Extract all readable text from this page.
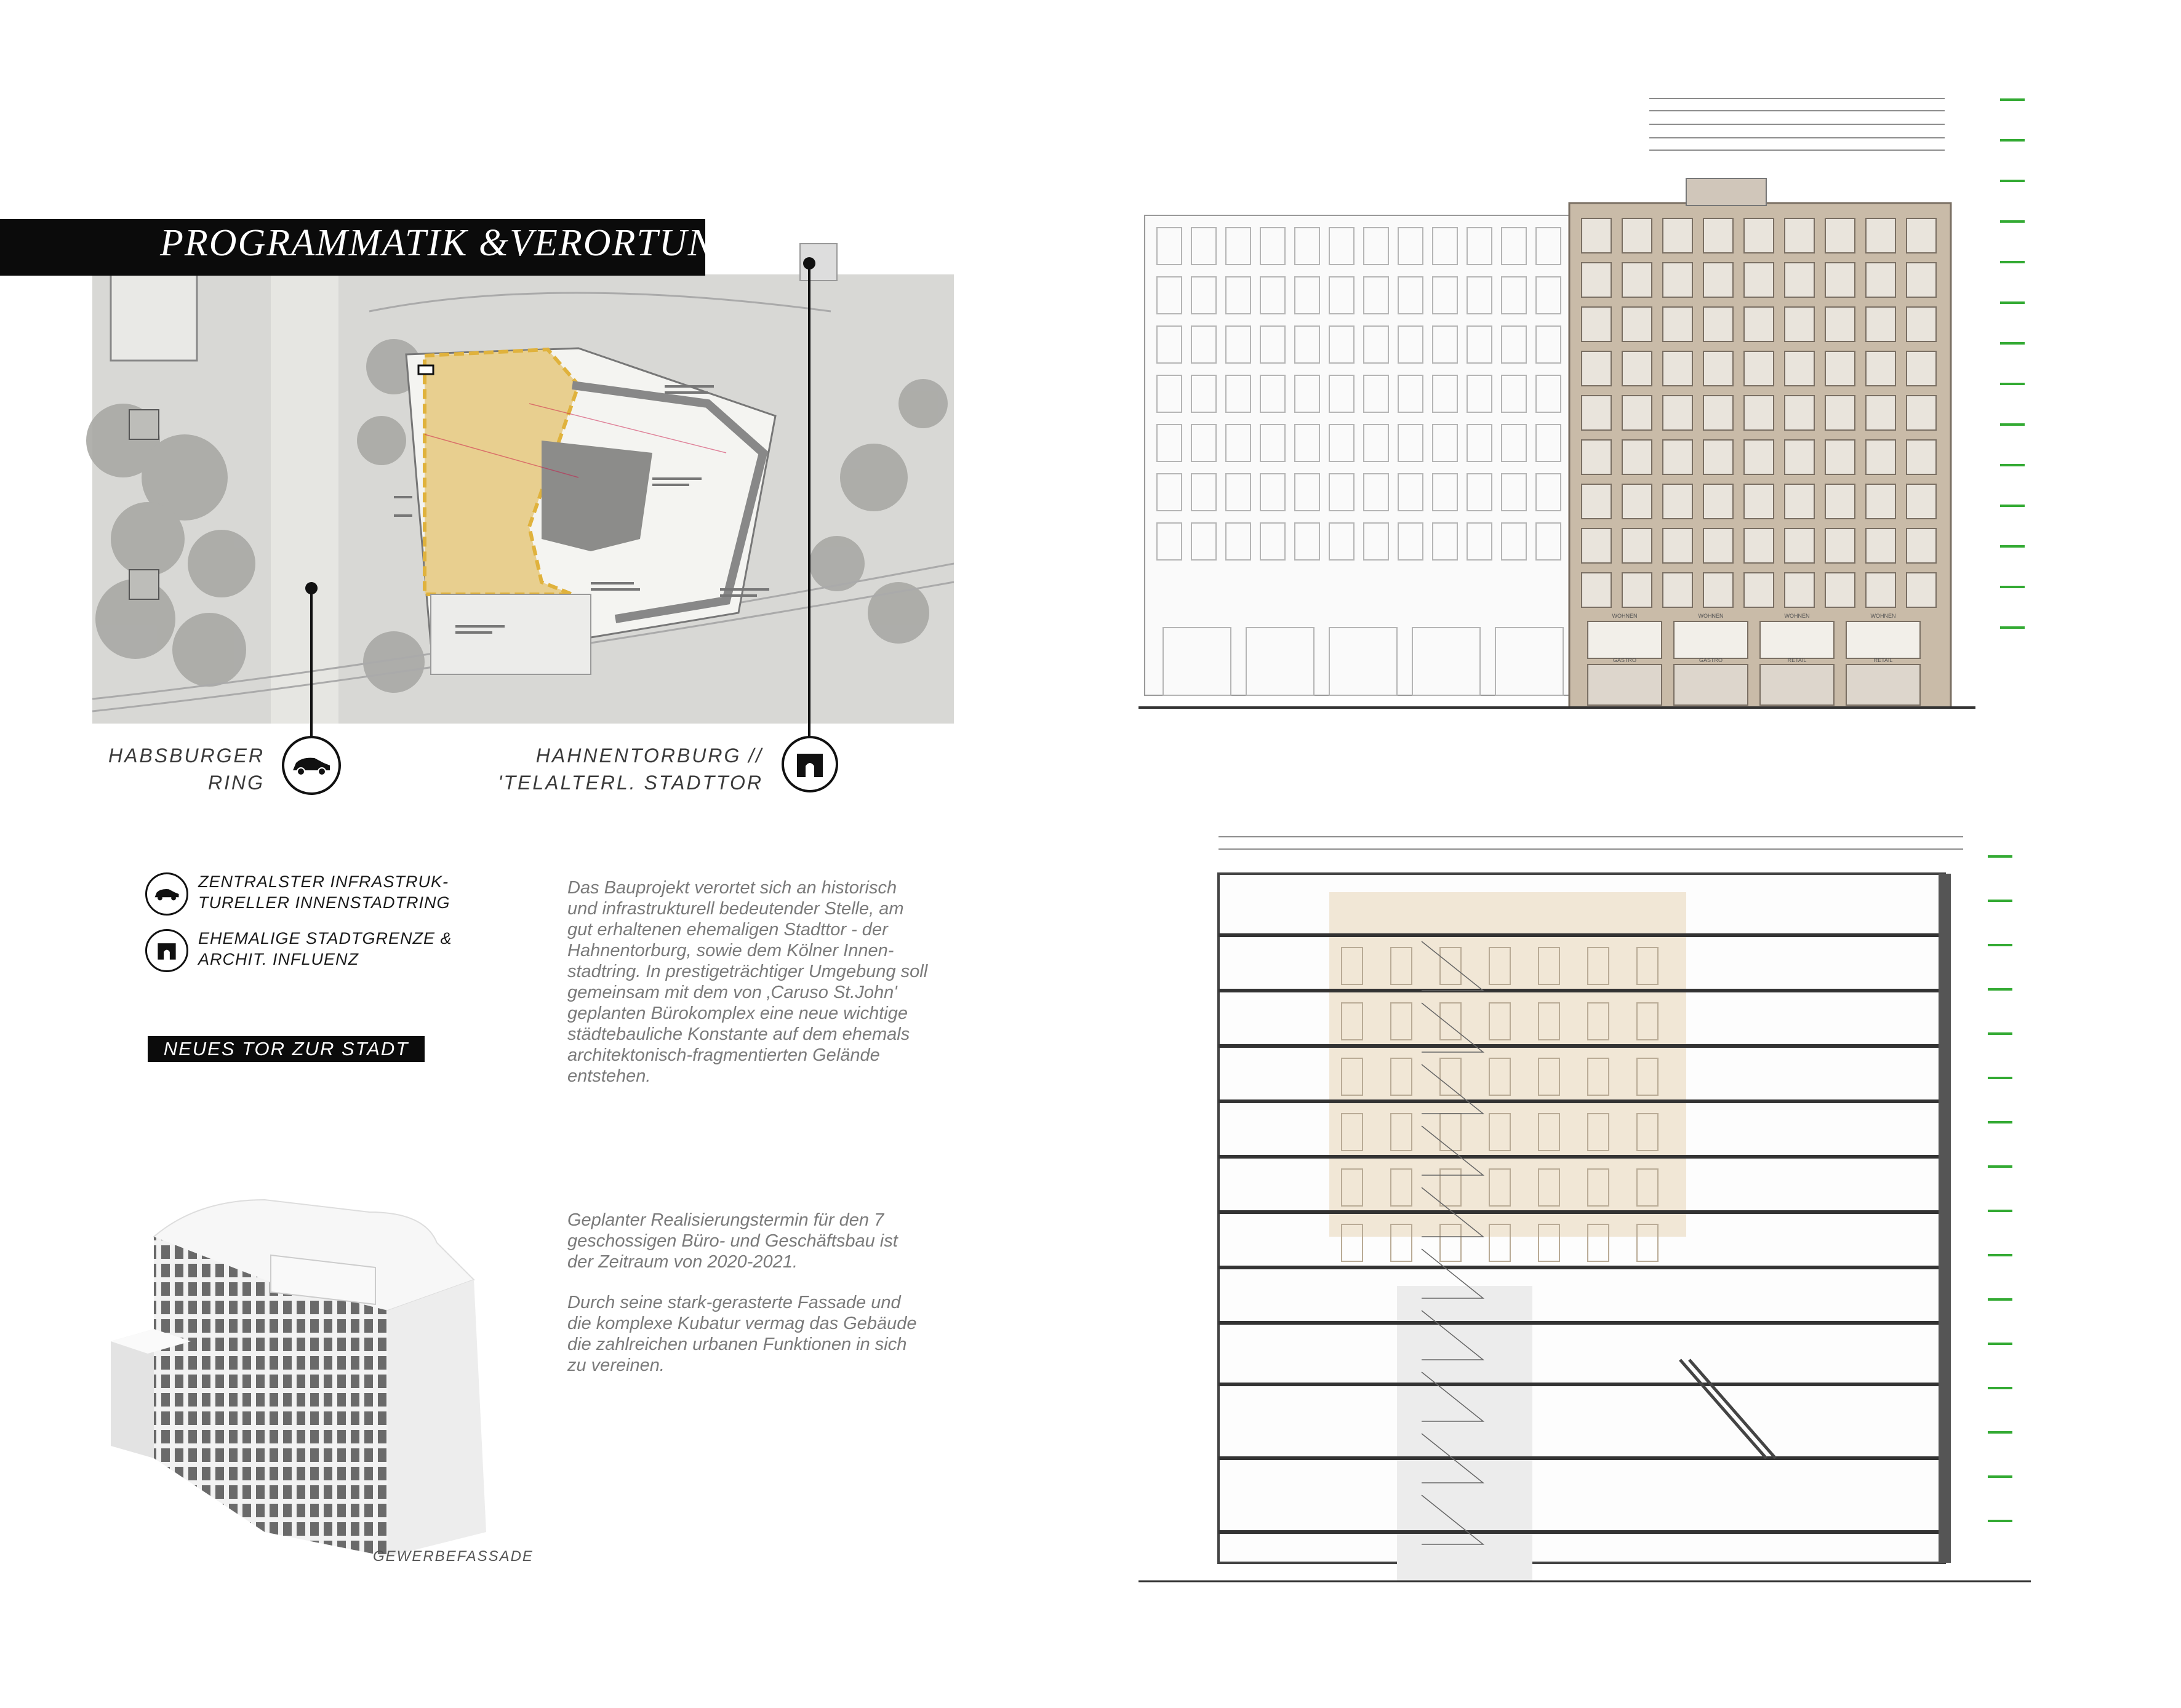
PROGRAMMATIK &VERORTUNG
HABSBURGER
RING
HAHNENTORBURG //
'TELALTERL. STADTTOR
ZENTRALSTER INFRASTRUK-
TURELLER INNENSTADTRING
EHEMALIGE STADTGRENZE &
ARCHIT. INFLUENZ
NEUES TOR ZUR STADT
Das Bauprojekt verortet sich an historisch
und infrastrukturell bedeutender Stelle, am
gut erhaltenen ehemaligen Stadttor - der
Hahnentorburg, sowie dem Kölner Innen-
stadtring. In prestigeträchtiger Umgebung soll
gemeinsam mit dem von ‚Caruso St.John'
geplanten Bürokomplex eine neue wichtige
städtebauliche Konstante auf dem ehemals
architektonisch-fragmentierten Gelände
entstehen.
Geplanter Realisierungstermin für den 7
geschossigen Büro- und Geschäftsbau ist
der Zeitraum von 2020-2021.
Durch seine stark-gerasterte Fassade und
die komplexe Kubatur vermag das Gebäude
die zahlreichen urbanen Funktionen in sich
zu vereinen.
GEWERBEFASSADE
WOHNEN
GASTRO
WOHNEN
GASTRO
WOHNEN
RETAIL
WOHNEN
RETAIL
